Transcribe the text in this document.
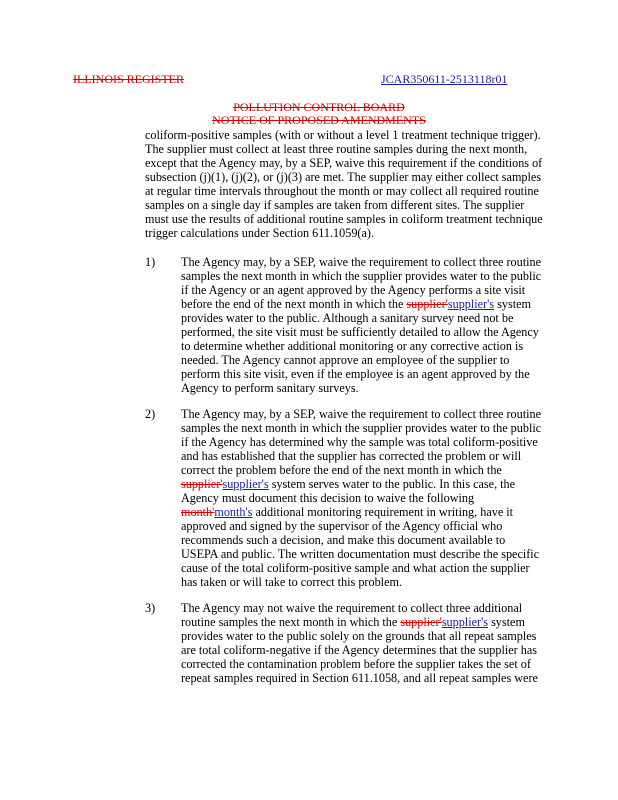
ILLINOIS REGISTER	JCAR350611-2513118r01
POLLUTION CONTROL BOARD
NOTICE OF PROPOSED AMENDMENTS
coliform-positive samples (with or without a level 1 treatment technique trigger).
The supplier must collect at least three routine samples during the next month,
except that the Agency may, by a SEP, waive this requirement if the conditions of
subsection (j)(1), (j)(2), or (j)(3) are met. The supplier may either collect samples
at regular time intervals throughout the month or may collect all required routine
samples on a single day if samples are taken from different sites. The supplier
must use the results of additional routine samples in coliform treatment technique
trigger calculations under Section 611.1059(a).
1) The Agency may, by a SEP, waive the requirement to collect three routine
samples the next month in which the supplier provides water to the public
if the Agency or an agent approved by the Agency performs a site visit
before the end of the next month in which the supplier'supplier's system
provides water to the public. Although a sanitary survey need not be
performed, the site visit must be sufficiently detailed to allow the Agency
to determine whether additional monitoring or any corrective action is
needed. The Agency cannot approve an employee of the supplier to
perform this site visit, even if the employee is an agent approved by the
Agency to perform sanitary surveys.
2) The Agency may, by a SEP, waive the requirement to collect three routine
samples the next month in which the supplier provides water to the public
if the Agency has determined why the sample was total coliform-positive
and has established that the supplier has corrected the problem or will
correct the problem before the end of the next month in which the
supplier'supplier's system serves water to the public. In this case, the
Agency must document this decision to waive the following
month'month's additional monitoring requirement in writing, have it
approved and signed by the supervisor of the Agency official who
recommends such a decision, and make this document available to
USEPA and public. The written documentation must describe the specific
cause of the total coliform-positive sample and what action the supplier
has taken or will take to correct this problem.
3) The Agency may not waive the requirement to collect three additional
routine samples the next month in which the supplier'supplier's system
provides water to the public solely on the grounds that all repeat samples
are total coliform-negative if the Agency determines that the supplier has
corrected the contamination problem before the supplier takes the set of
repeat samples required in Section 611.1058, and all repeat samples were
